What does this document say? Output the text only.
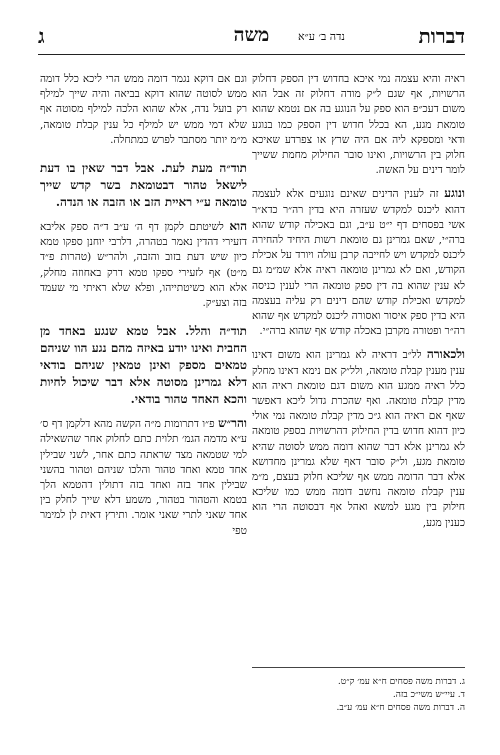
דברות
נדה ב׳ ע״א
משה
ג

ראיה והיא עצמה נמי איכא בחדוש דין הספק דחלוק הרשויות, אף שגם ל״ק מודה דחלוק זה אבל הוא משום דעכ״פ הוא ספק על הנוגע בה אם נטמא שהוא טומאת מגע, הא בכלל חדוש דין הספק כמו בנוגע ודאי ומספקא ליה אם היה שרץ או צפרדע שאיכא חלוק בין הרשויות, ואינו סובר החילוק מחמת ששייך לומר דינים על האשה.

ונוגע זה לענין הדינים שאינם נוגעים אלא לעצמה דהוא ליכנס למקדש שעזרה היא בדין רה״ר כדא״ר אשי בפסחים דף י״ט ע״ב, וגם באכילה קודש שהוא ברה״י, שאם גמרינן גם טומאת רשות היחיד להחירה ליכנס למקדש ויש לחייבה קרבן עולה ויורד על אכילת הקודש, ואם לא גמרינן טומאה ראיה אלא שמ״מ גם לא ענין שהוא בה דין ספק טומאה הרי לענין כניסה למקדש ואכילת קודש שהם דינים רק עליה בעצמה היא בדין ספק איסור ואסורה ליכנס למקדש אף שהוא רה״ר ופטורה מקרבן באכלה קודש אף שהוא ברה״י.

ולכאורה לל״ב דראיה לא גמרינן הוא משום דאינו ענין מענין קבלת טומאה, ולל״ק אם נימא דאינו מחלק כלל ראיה ממגע הוא משום דגם טומאת ראיה הוא מדין קבלת טומאה. ואף שהכרת גדול ליכא דאפשר שאף אם ראיה הוא ג״כ מדין קבלת טומאה נמי אולי כיון דהוא חדוש בדין החילוק דהרשויות בספק טומאה לא גמרינן אלא דבר שהוא דומה ממש לסוטה שהיא טומאת מגע, ול״ק סובר דאף שלא גמרינן מחדושא אלא דבר הדומה ממש אף שליכא חלוק בעצם, מ״מ ענין קבלת טומאה נחשב דומה ממש כמו שליכא חילוק בין מגע למשא ואהל אף דבסוטה הרי הוא כענין מגע,

וגם אם דוקא נגמר דומה ממש הרי ליכא כלל דומה ממש לסוטה שהוא דוקא בביאה והיה שייך למילף רק בועל נדה, אלא שהוא הלכה למילף מסוטה אף שלא דמי ממש יש למילף כל ענין קבלת טומאה, מ״מ יותר מסתבר לפרש כמתחלה.

תוד״ה מעת לעת. אבל דבר שאין בו דעת לישאל טהור דבטומאת בשר קדש שייך טומאה ע״י ראיית הזב או הזבה או הנדה.

הוא לשיטתם לקמן דף ה׳ ע״ב ד״ה ספק אליבא דזעירי דהדין נאמר בטהרה, דלרבי יוחנן ספקו טמא כיון שיש דעת בזוב והזבה, ולהר״ש (טהרות פ״ד מ״ט) אף לזעירי ספקו טמא דרק באחוזה מחלק, אלא הוא כשיטתייהו, ופלא שלא ראיתי מי שעמד בזה וצע״ק.

תוד״ה והלל. אבל טמא שנגע באחד מן החבית ואינו יודע באיזה מהם נגע הוו שניהם טמאים מספק ואינן טמאין שניהם בודאי דלא גמרינן מסוטה אלא דבר שיכול לחיות והכא האחד טהור בודאי.

והר״ש פ״ו דתרומות מ״ה הקשה מהא דלקמן דף ס׳ ע״א מדמה הגמ׳ תלוית כתם לחלוק אחר שהשאילה למי שטמאה מצד שראתה כתם אחר, לשני שבילין אחד טמא ואחד טהור והלכו שניהם וטהור בהשני שבילין אחד בזה ואחד בזה דתולין דהטמא הלך בטמא והטהור בטהור, משמע דלא שייך לחלק בין אחד שאני לתרי שאני אומר. ותירץ דאית לן למימר טפי

ג. דברות משה פסחים ח״א עמ׳ ק״ט.
ד. עיי״ש משי״כ בזה.
ה. דברות משה פסחים ח״א עמ׳ ע״ב.
